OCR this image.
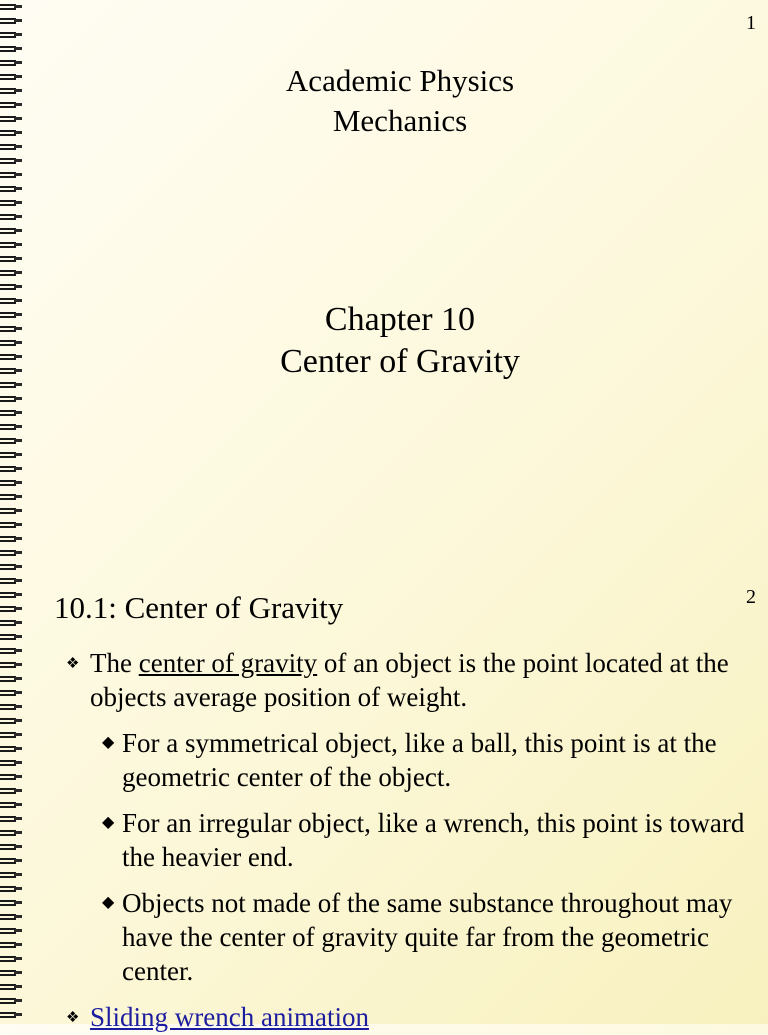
1
Academic Physics
Mechanics
Chapter 10
Center of Gravity
2
10.1: Center of Gravity
❖ The center of gravity of an object is the point located at the objects average position of weight.
◆ For a symmetrical object, like a ball, this point is at the geometric center of the object.
◆ For an irregular object, like a wrench, this point is toward the heavier end.
◆ Objects not made of the same substance throughout may have the center of gravity quite far from the geometric center.
❖ Sliding wrench animation
